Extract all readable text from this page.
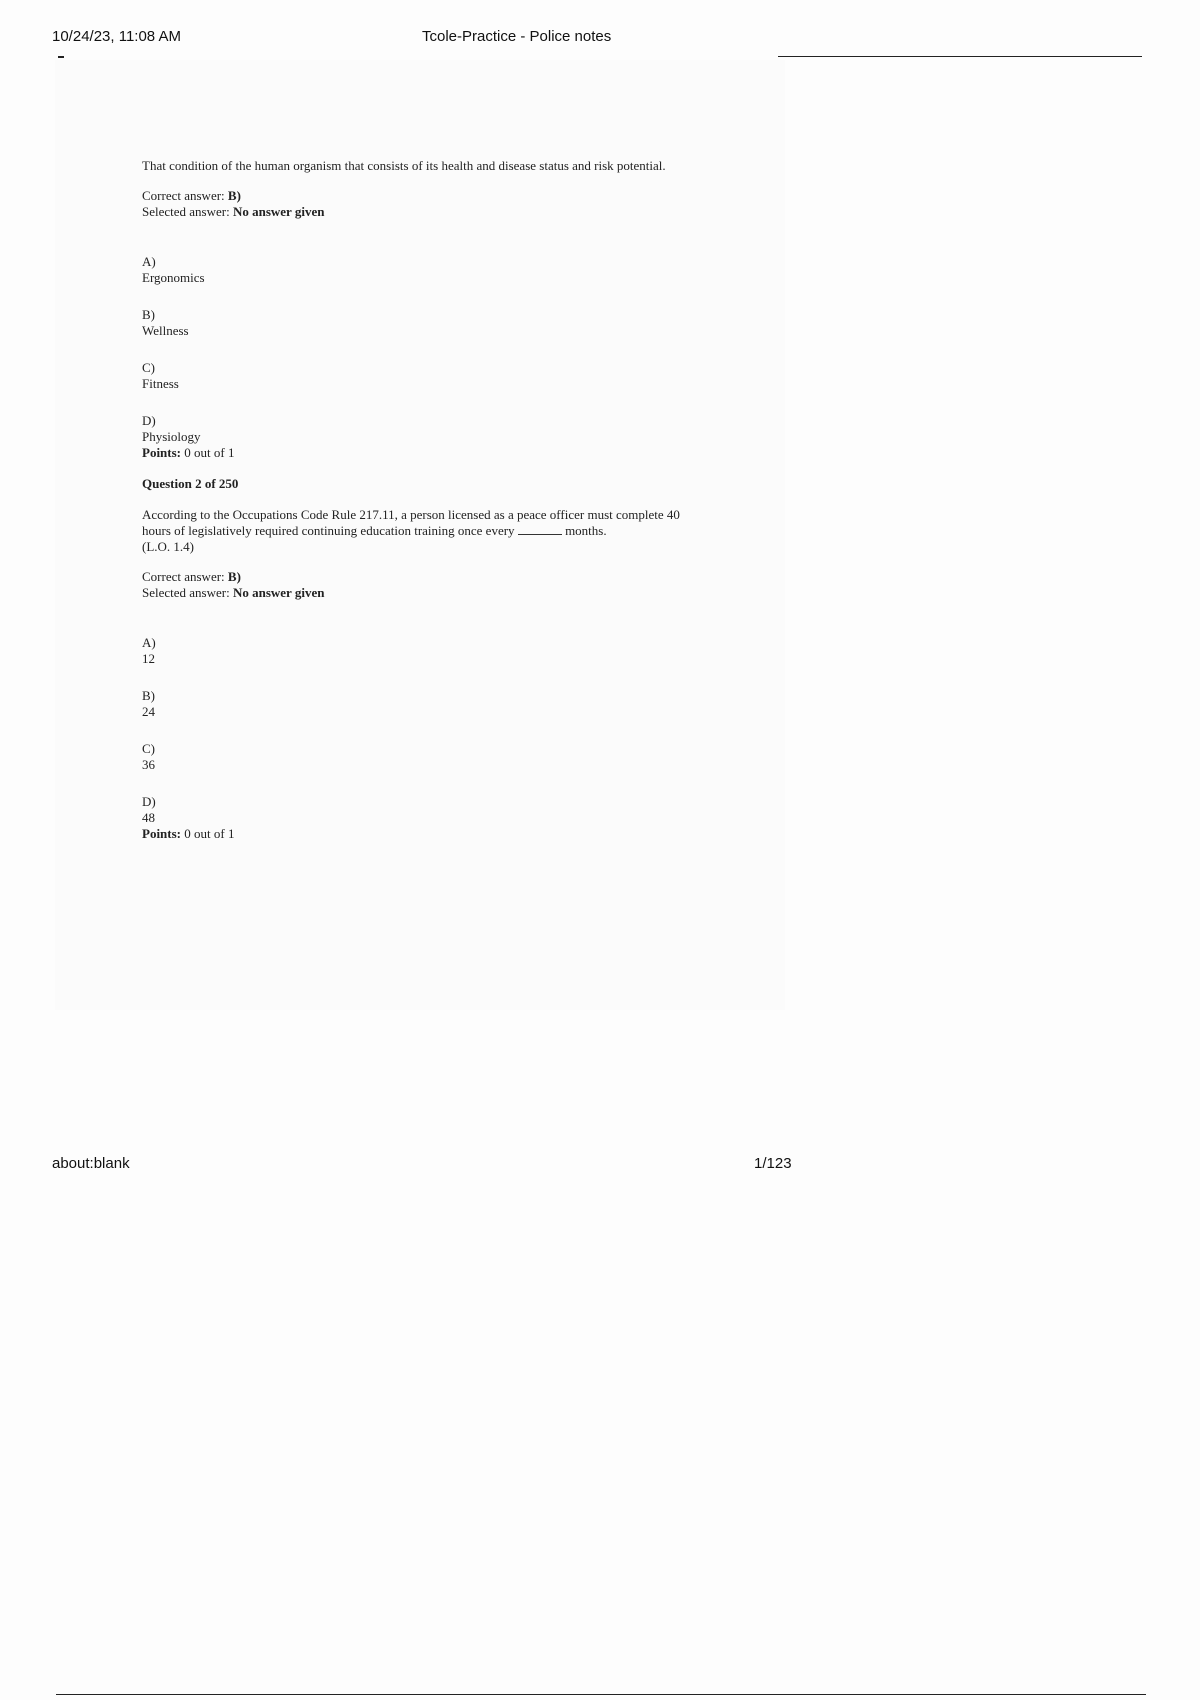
10/24/23, 11:08 AM	Tcole-Practice - Police notes

That condition of the human organism that consists of its health and disease status and risk potential.

Correct answer: B)

Selected answer: No answer given

A)
Ergonomics
B)
Wellness
C)
Fitness
D)
Physiology

Points: 0 out of 1

Question 2 of 250

According to the Occupations Code Rule 217.11, a person licensed as a peace officer must complete 40 hours of legislatively required continuing education training once every	months.
(L.O. 1.4)

Correct answer: B)

Selected answer: No answer given

A)
12
B)
24
C)
36
D)
48

Points: 0 out of 1

about:blank	1/123
